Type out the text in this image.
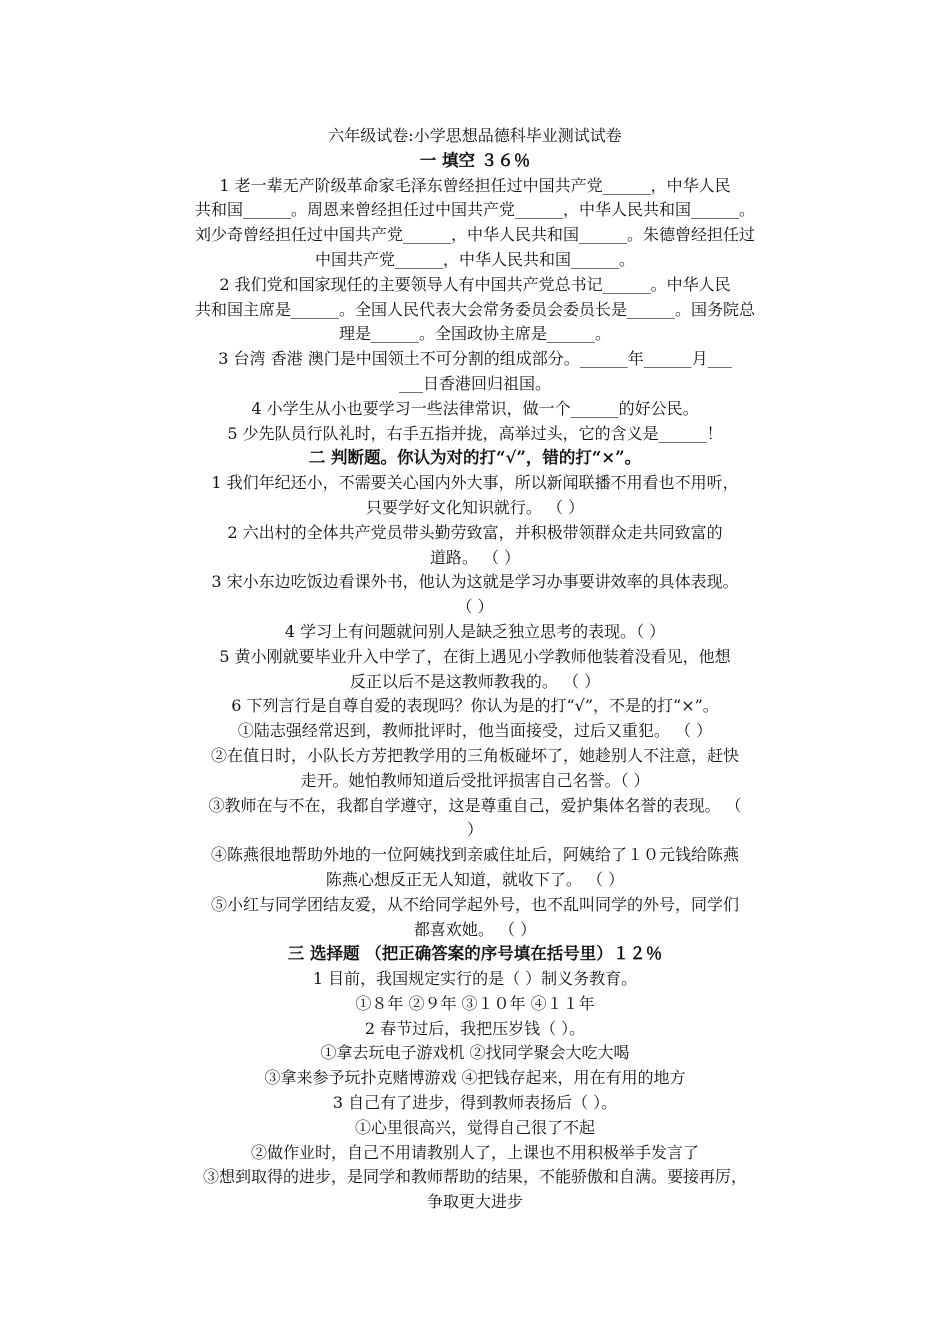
六年级试卷:小学思想品德科毕业测试试卷
一 填空 ３６％
1 老一辈无产阶级革命家毛泽东曾经担任过中国共产党______，中华人民
共和国______。周恩来曾经担任过中国共产党______，中华人民共和国______。
刘少奇曾经担任过中国共产党______，中华人民共和国______。朱德曾经担任过
中国共产党______，中华人民共和国______。
2 我们党和国家现任的主要领导人有中国共产党总书记______。中华人民
共和国主席是______。全国人民代表大会常务委员会委员长是______。国务院总
理是______。全国政协主席是______。
3 台湾 香港 澳门是中国领土不可分割的组成部分。______年______月___
___日香港回归祖国。
4 小学生从小也要学习一些法律常识，做一个______的好公民。
5 少先队员行队礼时，右手五指并拢，高举过头，它的含义是______！
二 判断题。你认为对的打“√”，错的打“×”。
1 我们年纪还小，不需要关心国内外大事，所以新闻联播不用看也不用听，
只要学好文化知识就行。 （ ）
2 六出村的全体共产党员带头勤劳致富，并积极带领群众走共同致富的
道路。 （ ）
3 宋小东边吃饭边看课外书，他认为这就是学习办事要讲效率的具体表现。
（ ）
4 学习上有问题就问别人是缺乏独立思考的表现。（ ）
5 黄小刚就要毕业升入中学了，在街上遇见小学教师他装着没看见，他想
反正以后不是这教师教我的。 （ ）
6 下列言行是自尊自爱的表现吗？你认为是的打“√”，不是的打“×”。
①陆志强经常迟到，教师批评时，他当面接受，过后又重犯。 （ ）
②在值日时，小队长方芳把教学用的三角板碰坏了，她趁别人不注意，赶快
走开。她怕教师知道后受批评损害自己名誉。（ ）
③教师在与不在，我都自学遵守，这是尊重自己，爱护集体名誉的表现。 （
）
④陈燕很地帮助外地的一位阿姨找到亲戚住址后，阿姨给了１０元钱给陈燕
陈燕心想反正无人知道，就收下了。 （ ）
⑤小红与同学团结友爱，从不给同学起外号，也不乱叫同学的外号，同学们
都喜欢她。 （ ）
三 选择题 （把正确答案的序号填在括号里）１２％
1 目前，我国规定实行的是（ ）制义务教育。
①８年 ②９年 ③１０年 ④１１年
2 春节过后，我把压岁钱（ ）。
①拿去玩电子游戏机 ②找同学聚会大吃大喝
③拿来参予玩扑克赌博游戏 ④把钱存起来，用在有用的地方
3 自己有了进步，得到教师表扬后（ ）。
①心里很高兴，觉得自己很了不起
②做作业时，自己不用请教别人了，上课也不用积极举手发言了
③想到取得的进步，是同学和教师帮助的结果，不能骄傲和自满。要接再厉，
争取更大进步
